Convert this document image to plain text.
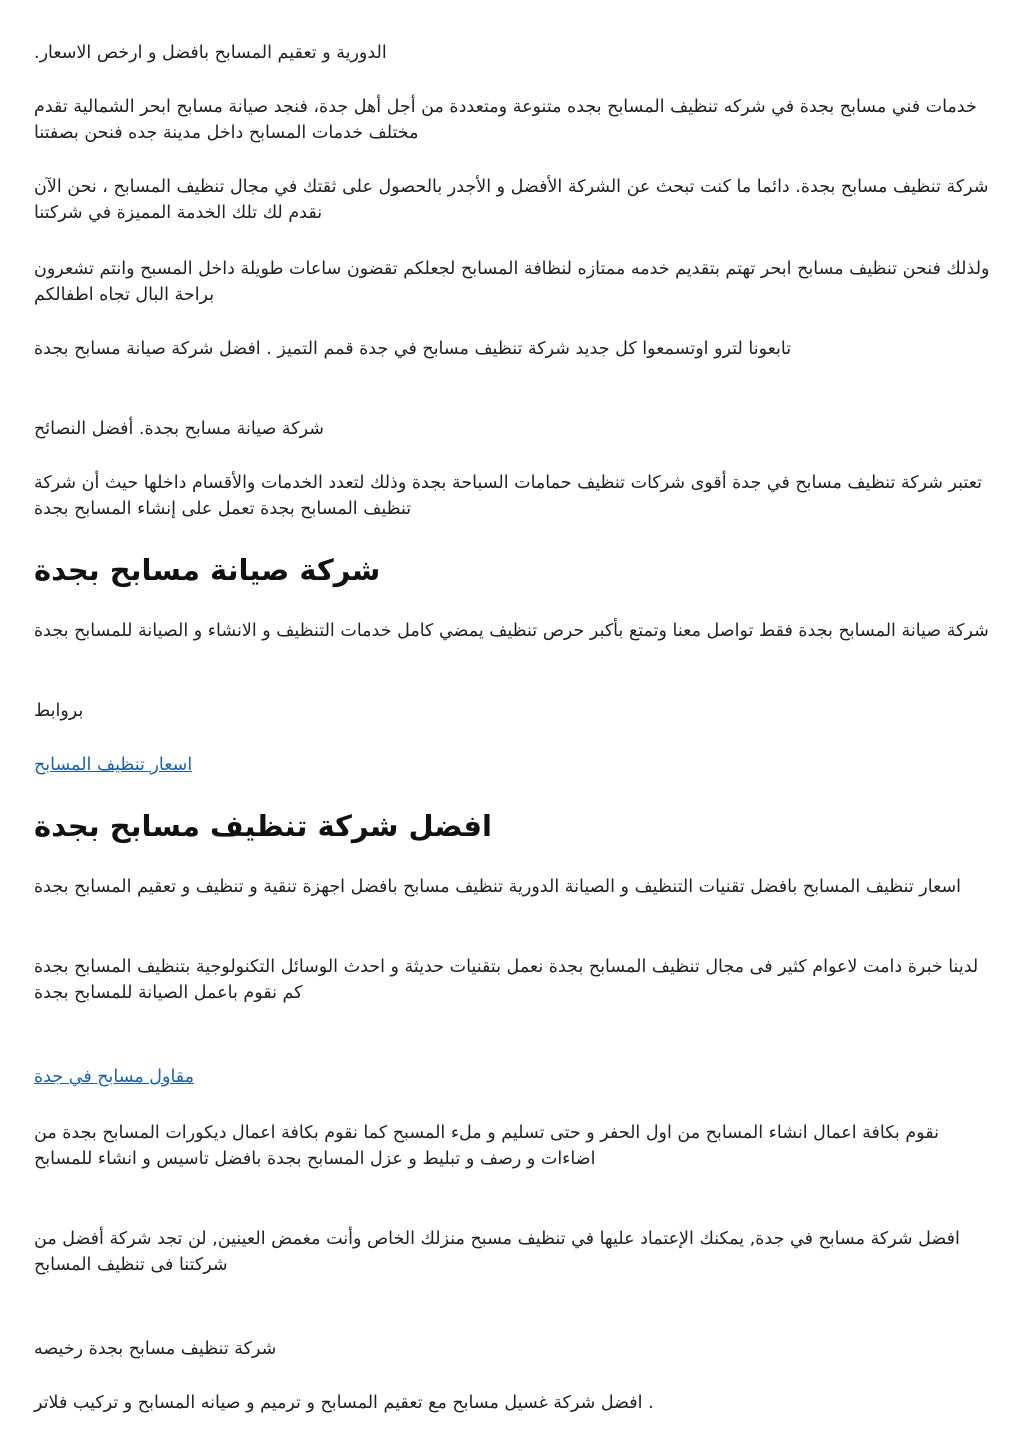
الدورية و تعقيم المسابح بافضل و ارخص الاسعار.

خدمات فني مسابح بجدة في شركه تنظيف المسابح بجده متنوعة ومتعددة من أجل أهل جدة، فنجد صيانة مسابح ابحر الشمالية تقدم مختلف خدمات المسابح داخل مدينة جده فنحن بصفتنا

شركة تنظيف مسابح بجدة. دائما ما كنت تبحث عن الشركة الأفضل و الأجدر بالحصول على ثقتك في مجال تنظيف المسابح ، نحن الآن نقدم لك تلك الخدمة المميزة في شركتنا

ولذلك فنحن تنظيف مسابح ابحر تهتم بتقديم خدمه ممتازه لنظافة المسابح لجعلكم تقضون ساعات طويلة داخل المسبح وانتم تشعرون براحة البال تجاه اطفالكم

تابعونا لترو اوتسمعوا كل جديد شركة تنظيف مسابح في جدة قمم التميز . افضل شركة صيانة مسابح بجدة

شركة صيانة مسابح بجدة. أفضل النصائح

تعتبر شركة تنظيف مسابح في جدة أقوى شركات تنظيف حمامات السباحة بجدة وذلك لتعدد الخدمات والأقسام داخلها حيث أن شركة تنظيف المسابح بجدة تعمل على إنشاء المسابح بجدة

شركة صيانة مسابح بجدة

شركة صيانة المسابح بجدة فقط تواصل معنا وتمتع بأكبر حرص تنظيف يمضي كامل خدمات التنظيف و الانشاء و الصيانة للمسابح بجدة

بروابط

اسعار تنظيف المسابح
افضل شركة تنظيف مسابح بجدة

اسعار تنظيف المسابح بافضل تقنيات التنظيف و الصيانة الدورية تنظيف مسابح بافضل اجهزة تنقية و تنظيف و تعقيم المسابح بجدة

لدينا خبرة دامت لاعوام كثير فى مجال تنظيف المسابح بجدة نعمل بتقنيات حديثة و احدث الوسائل التكنولوجية بتنظيف المسابح بجدة كم نقوم باعمل الصيانة للمسابح بجدة

مقاول مسابح في جدة

نقوم بكافة اعمال انشاء المسابح من اول الحفر و حتى تسليم و ملء المسبح كما نقوم بكافة اعمال ديكورات المسابح بجدة من اضاءات و رصف و تبليط و عزل المسابح بجدة بافضل تاسيس و انشاء للمسابح

افضل شركة مسابح في جدة, يمكنك الإعتماد عليها في تنظيف مسبح منزلك الخاص وأنت مغمض العينين, لن تجد شركة أفضل من شركتنا فى تنظيف المسابح

شركة تنظيف مسابح بجدة رخيصه

. افضل شركة غسيل مسابح مع تعقيم المسابح و ترميم و صيانه المسابح و تركيب فلاتر
